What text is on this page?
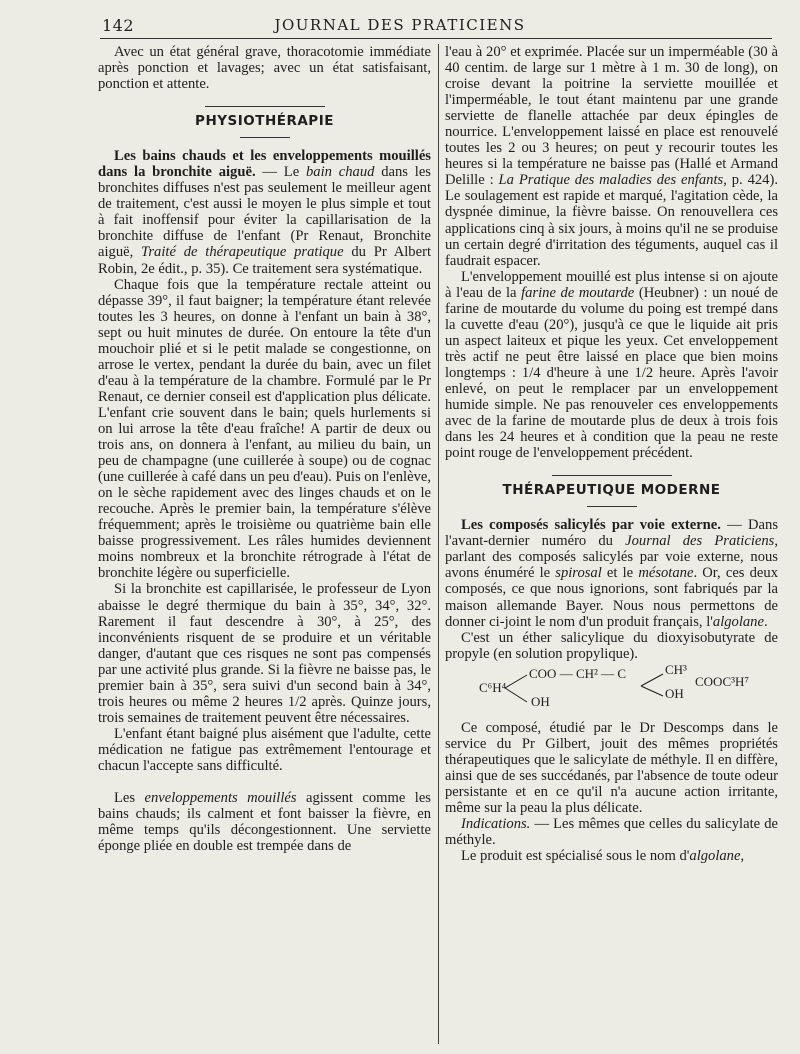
142	JOURNAL DES PRATICIENS

Avec un état général grave, thoracotomie immédiate après ponction et lavages; avec un état satisfaisant, ponction et attente.

PHYSIOTHÉRAPIE

Les bains chauds et les enveloppements mouillés dans la bronchite aiguë. — Le bain chaud dans les bronchites diffuses n'est pas seulement le meilleur agent de traitement, c'est aussi le moyen le plus simple et tout à fait inoffensif pour éviter la capillarisation de la bronchite diffuse de l'enfant (Pr Renaut, Bronchite aiguë, Traité de thérapeutique pratique du Pr Albert Robin, 2e édit., p. 35). Ce traitement sera systématique.

Chaque fois que la température rectale atteint ou dépasse 39°, il faut baigner; la température étant relevée toutes les 3 heures, on donne à l'enfant un bain à 38°, sept ou huit minutes de durée. On entoure la tête d'un mouchoir plié et si le petit malade se congestionne, on arrose le vertex, pendant la durée du bain, avec un filet d'eau à la température de la chambre. Formulé par le Pr Renaut, ce dernier conseil est d'application plus délicate. L'enfant crie souvent dans le bain; quels hurlements si on lui arrose la tête d'eau fraîche! A partir de deux ou trois ans, on donnera à l'enfant, au milieu du bain, un peu de champagne (une cuillerée à soupe) ou de cognac (une cuillerée à café dans un peu d'eau). Puis on l'enlève, on le sèche rapidement avec des linges chauds et on le recouche. Après le premier bain, la température s'élève fréquemment; après le troisième ou quatrième bain elle baisse progressivement. Les râles humides deviennent moins nombreux et la bronchite rétrograde à l'état de bronchite légère ou superficielle.

Si la bronchite est capillarisée, le professeur de Lyon abaisse le degré thermique du bain à 35°, 34°, 32°. Rarement il faut descendre à 30°, à 25°, des inconvénients risquent de se produire et un véritable danger, d'autant que ces risques ne sont pas compensés par une activité plus grande. Si la fièvre ne baisse pas, le premier bain à 35°, sera suivi d'un second bain à 34°, trois heures ou même 2 heures 1/2 après. Quinze jours, trois semaines de traitement peuvent être nécessaires.

L'enfant étant baigné plus aisément que l'adulte, cette médication ne fatigue pas extrêmement l'entourage et chacun l'accepte sans difficulté.

Les enveloppements mouillés agissent comme les bains chauds; ils calment et font baisser la fièvre, en même temps qu'ils décongestionnent. Une serviette éponge pliée en double est trempée dans de

l'eau à 20° et exprimée. Placée sur un imperméable (30 à 40 centim. de large sur 1 mètre à 1 m. 30 de long), on croise devant la poitrine la serviette mouillée et l'imperméable, le tout étant maintenu par une grande serviette de flanelle attachée par deux épingles de nourrice. L'enveloppement laissé en place est renouvelé toutes les 2 ou 3 heures; on peut y recourir toutes les heures si la température ne baisse pas (Hallé et Armand Delille : La Pratique des maladies des enfants, p. 424). Le soulagement est rapide et marqué, l'agitation cède, la dyspnée diminue, la fièvre baisse. On renouvellera ces applications cinq à six jours, à moins qu'il ne se produise un certain degré d'irritation des téguments, auquel cas il faudrait espacer.

L'enveloppement mouillé est plus intense si on ajoute à l'eau de la farine de moutarde (Heubner) : un noué de farine de moutarde du volume du poing est trempé dans la cuvette d'eau (20°), jusqu'à ce que le liquide ait pris un aspect laiteux et pique les yeux. Cet enveloppement très actif ne peut être laissé en place que bien moins longtemps : 1/4 d'heure à une 1/2 heure. Après l'avoir enlevé, on peut le remplacer par un enveloppement humide simple. Ne pas renouveler ces enveloppements avec de la farine de moutarde plus de deux à trois fois dans les 24 heures et à condition que la peau ne reste point rouge de l'enveloppement précédent.

THÉRAPEUTIQUE MODERNE

Les composés salicylés par voie externe. — Dans l'avant-dernier numéro du Journal des Praticiens, parlant des composés salicylés par voie externe, nous avons énuméré le spirosal et le mésotane. Or, ces deux composés, ce que nous ignorions, sont fabriqués par la maison allemande Bayer. Nous nous permettons de donner ci-joint le nom d'un produit français, l'algolane.

C'est un éther salicylique du dioxyisobutyrate de propyle (en solution propylique).

C⁶H⁴
COO — CH² — C	CH³
OH
COOC³H⁷
OH

Ce composé, étudié par le Dr Descomps dans le service du Pr Gilbert, jouit des mêmes propriétés thérapeutiques que le salicylate de méthyle. Il en diffère, ainsi que de ses succédanés, par l'absence de toute odeur persistante et en ce qu'il n'a aucune action irritante, même sur la peau la plus délicate.

Indications. — Les mêmes que celles du salicylate de méthyle.

Le produit est spécialisé sous le nom d'algolane,
